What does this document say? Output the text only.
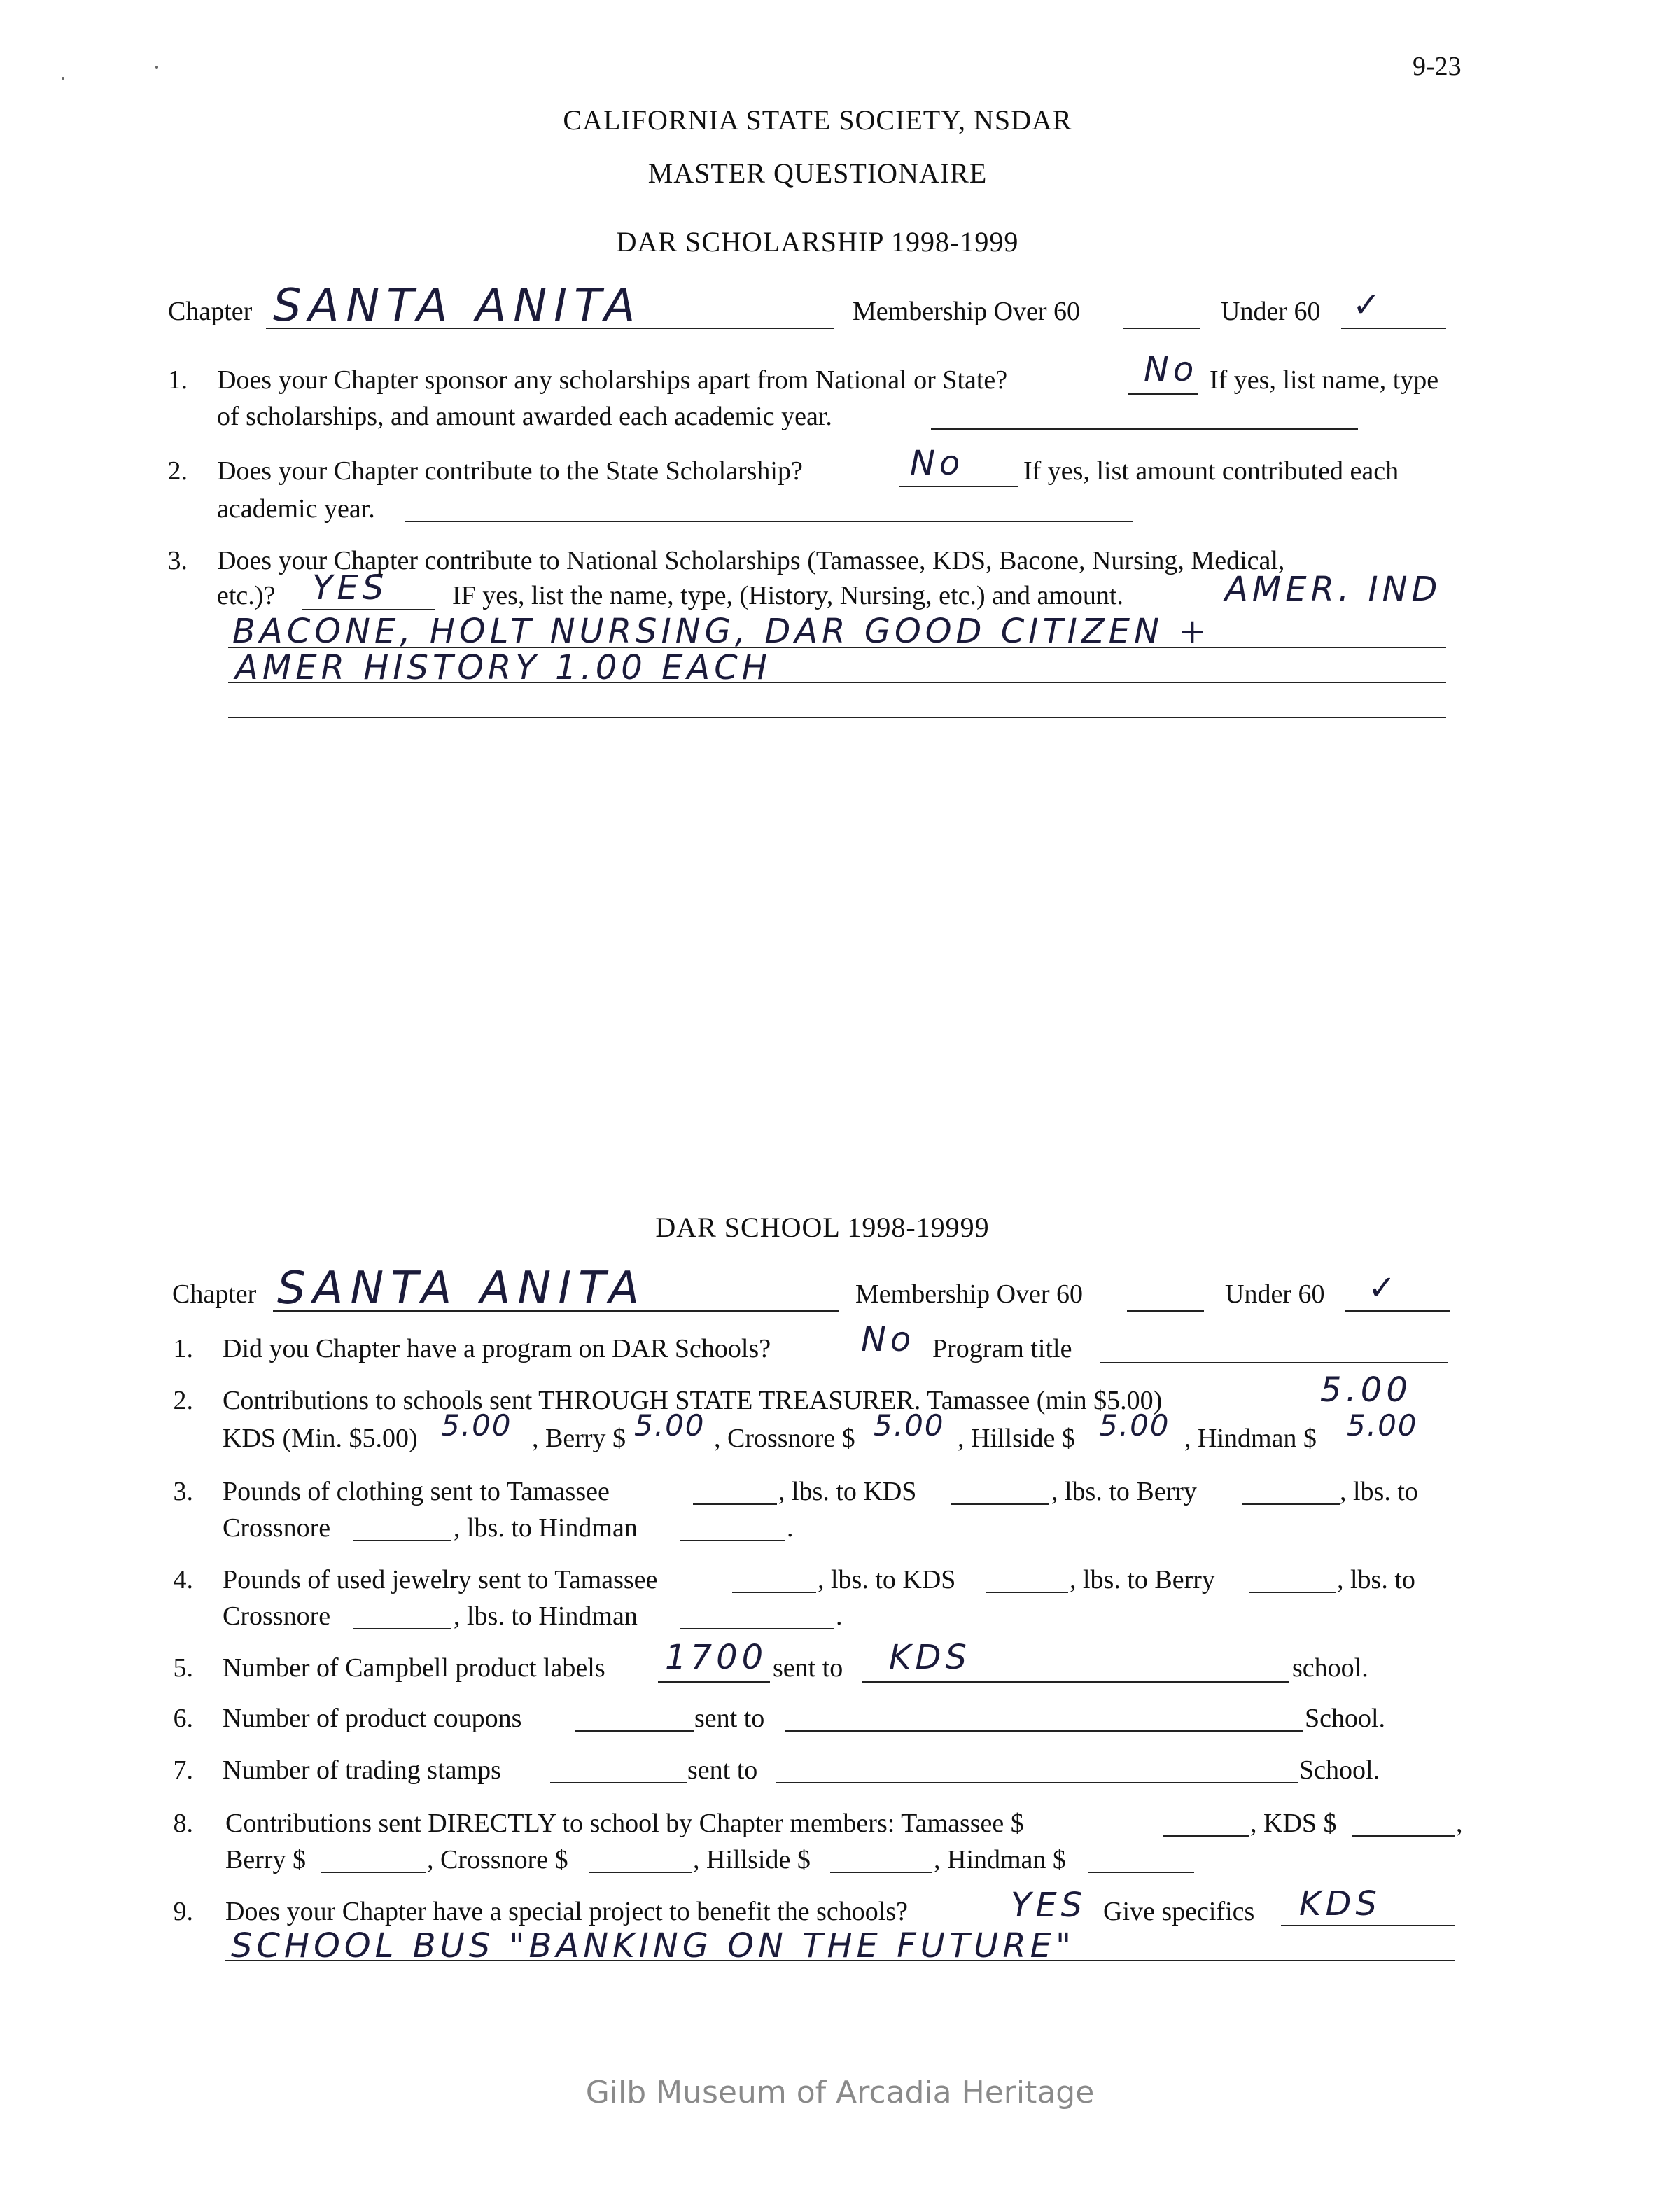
9-23
CALIFORNIA STATE SOCIETY, NSDAR
MASTER QUESTIONAIRE
DAR SCHOLARSHIP 1998-1999
Chapter SANTA ANITA	Membership Over 60	Under 60 ✓
1. Does your Chapter sponsor any scholarships apart from National or State?	No If yes, list name, type
of scholarships, and amount awarded each academic year.
2. Does your Chapter contribute to the State Scholarship?	No If yes, list amount contributed each
academic year.
3. Does your Chapter contribute to National Scholarships (Tamassee, KDS, Bacone, Nursing, Medical,
etc.)? YES IF yes, list the name, type, (History, Nursing, etc.) and amount.	AMER. IND
BACONE, HOLT NURSING, DAR GOOD CITIZEN +
AMER HISTORY 1.00 EACH
DAR SCHOOL 1998-19999
Chapter SANTA ANITA	Membership Over 60	Under 60 ✓
1. Did you Chapter have a program on DAR Schools?	No Program title
2. Contributions to schools sent THROUGH STATE TREASURER. Tamassee (min $5.00)	5.00
KDS (Min. $5.00) 5.00 , Berry $ 5.00 , Crossnore $ 5.00 , Hillside $ 5.00 , Hindman $ 5.00
3. Pounds of clothing sent to Tamassee	, lbs. to KDS	, lbs. to Berry	, lbs. to
Crossnore	, lbs. to Hindman	.
4. Pounds of used jewelry sent to Tamassee	, lbs. to KDS	, lbs. to Berry	, lbs. to
Crossnore	, lbs. to Hindman	.
5. Number of Campbell product labels 1700 sent to KDS	school.
6. Number of product coupons	sent to	School.
7. Number of trading stamps	sent to	School.
8. Contributions sent DIRECTLY to school by Chapter members: Tamassee $	, KDS $	,
Berry $	, Crossnore $	, Hillside $	, Hindman $
9. Does your Chapter have a special project to benefit the schools?	YES Give specifics KDS
SCHOOL BUS "BANKING ON THE FUTURE"
Gilb Museum of Arcadia Heritage
